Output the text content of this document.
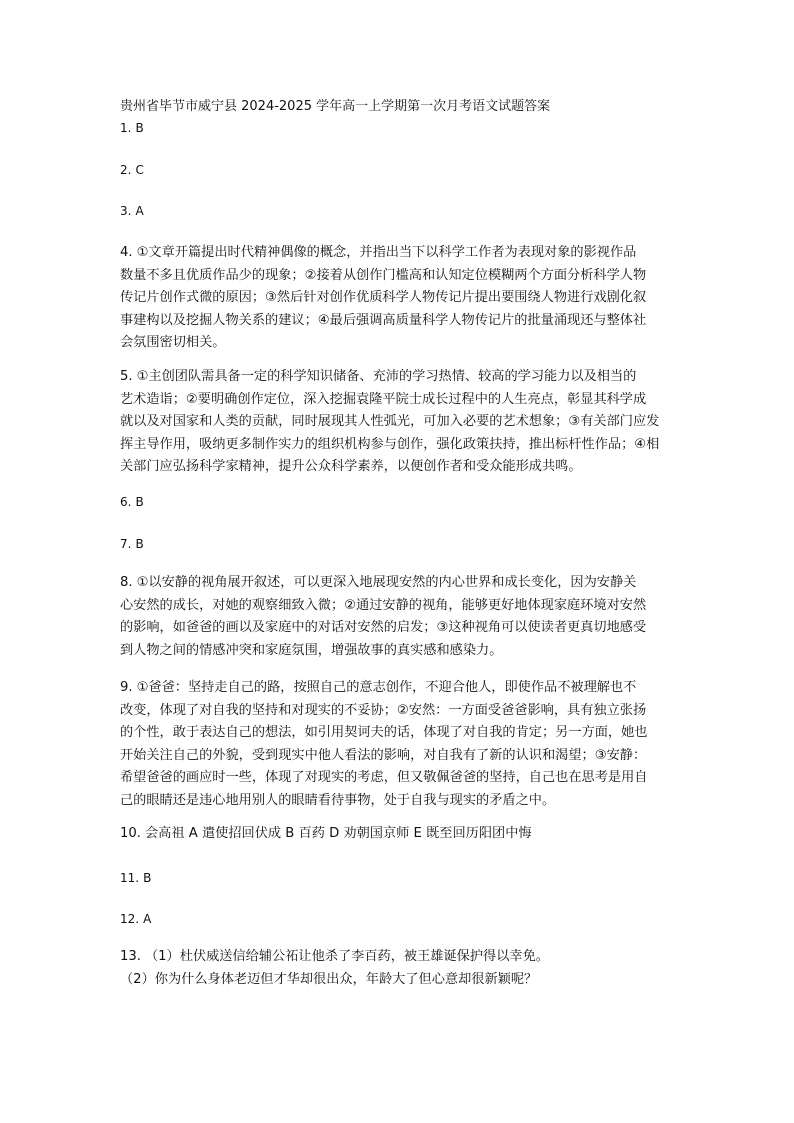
贵州省毕节市威宁县 2024-2025 学年高一上学期第一次月考语文试题答案
1. B
2. C
3. A
4. ①文章开篇提出时代精神偶像的概念，并指出当下以科学工作者为表现对象的影视作品
数量不多且优质作品少的现象；②接着从创作门槛高和认知定位模糊两个方面分析科学人物
传记片创作式微的原因；③然后针对创作优质科学人物传记片提出要围绕人物进行戏剧化叙
事建构以及挖掘人物关系的建议；④最后强调高质量科学人物传记片的批量涌现还与整体社
会氛围密切相关。
5. ①主创团队需具备一定的科学知识储备、充沛的学习热情、较高的学习能力以及相当的
艺术造诣；②要明确创作定位，深入挖掘袁隆平院士成长过程中的人生亮点，彰显其科学成
就以及对国家和人类的贡献，同时展现其人性弧光，可加入必要的艺术想象；③有关部门应发
挥主导作用，吸纳更多制作实力的组织机构参与创作，强化政策扶持，推出标杆性作品；④相
关部门应弘扬科学家精神，提升公众科学素养，以便创作者和受众能形成共鸣。
6. B
7. B
8. ①以安静的视角展开叙述，可以更深入地展现安然的内心世界和成长变化，因为安静关
心安然的成长，对她的观察细致入微；②通过安静的视角，能够更好地体现家庭环境对安然
的影响，如爸爸的画以及家庭中的对话对安然的启发；③这种视角可以使读者更真切地感受
到人物之间的情感冲突和家庭氛围，增强故事的真实感和感染力。
9. ①爸爸：坚持走自己的路，按照自己的意志创作，不迎合他人，即使作品不被理解也不
改变，体现了对自我的坚持和对现实的不妥协；②安然：一方面受爸爸影响，具有独立张扬
的个性，敢于表达自己的想法，如引用契诃夫的话，体现了对自我的肯定；另一方面，她也
开始关注自己的外貌，受到现实中他人看法的影响，对自我有了新的认识和渴望；③安静：
希望爸爸的画应时一些，体现了对现实的考虑，但又敬佩爸爸的坚持，自己也在思考是用自
己的眼睛还是违心地用别人的眼睛看待事物，处于自我与现实的矛盾之中。
10. 会高祖 A 遣使招回伏成 B 百药 D 劝朝国京师 E 既至回历阳团中悔
11. B
12. A
13. （1）杜伏威送信给辅公祏让他杀了李百药，被王雄诞保护得以幸免。
（2）你为什么身体老迈但才华却很出众，年龄大了但心意却很新颖呢？
